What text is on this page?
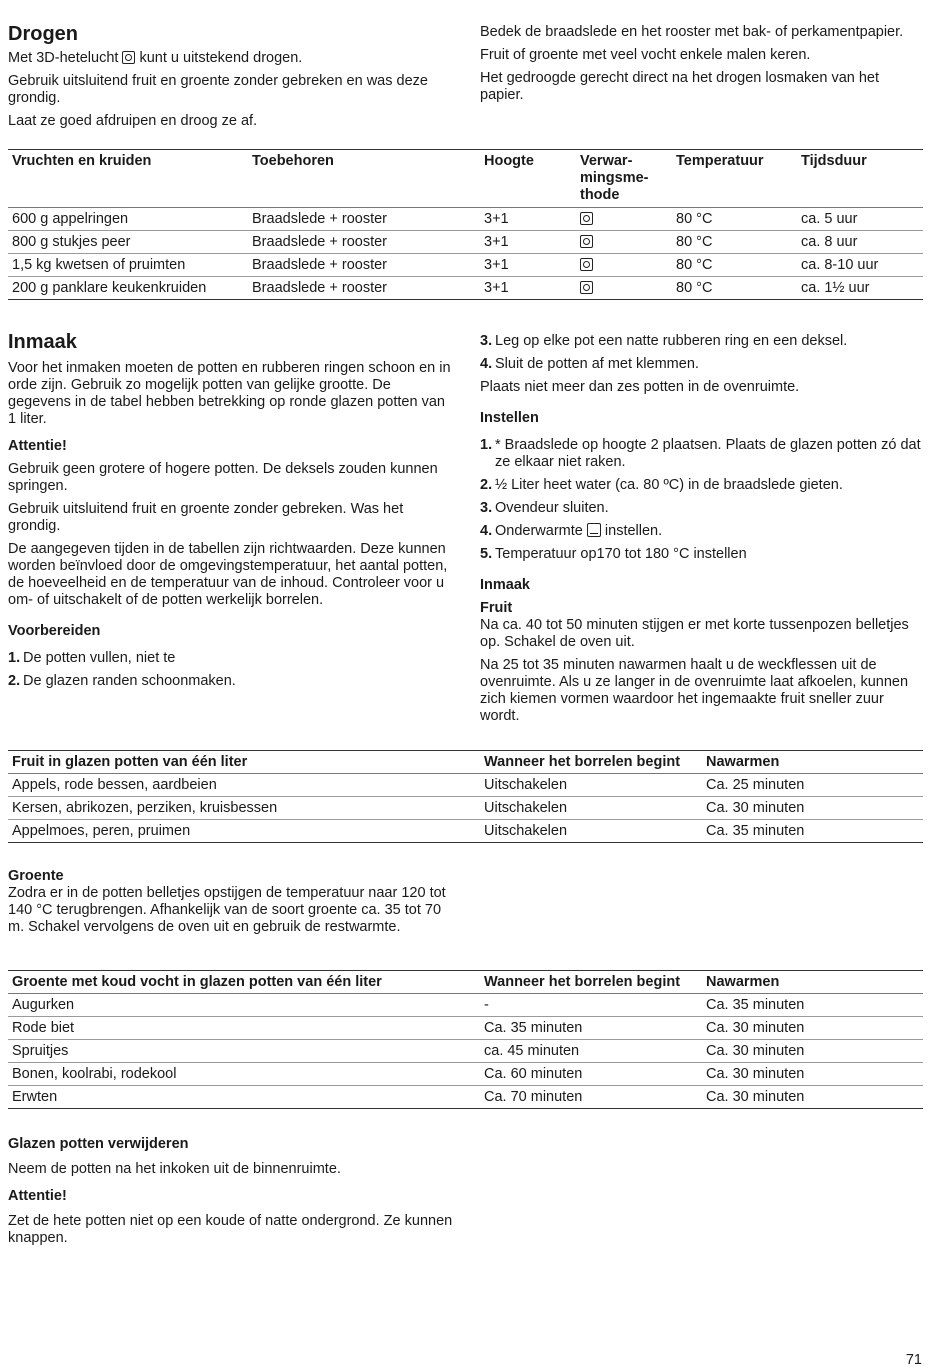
Drogen

Met 3D-hetelucht kunt u uitstekend drogen.

Gebruik uitsluitend fruit en groente zonder gebreken en was deze grondig.

Laat ze goed afdruipen en droog ze af.

Bedek de braadslede en het rooster met bak- of perkamentpapier.

Fruit of groente met veel vocht enkele malen keren.

Het gedroogde gerecht direct na het drogen losmaken van het papier.

Vruchten en kruiden	Toebehoren	Hoogte	Verwar-
mingsme-
thode	Temperatuur	Tijdsduur
600 g appelringen	Braadslede + rooster	3+1		80 °C	ca. 5 uur
800 g stukjes peer	Braadslede + rooster	3+1		80 °C	ca. 8 uur
1,5 kg kwetsen of pruimten	Braadslede + rooster	3+1		80 °C	ca. 8-10 uur
200 g panklare keukenkruiden	Braadslede + rooster	3+1		80 °C	ca. 1½ uur
Inmaak

Voor het inmaken moeten de potten en rubberen ringen schoon en in orde zijn. Gebruik zo mogelijk potten van gelijke grootte. De gegevens in de tabel hebben betrekking op ronde glazen potten van 1 liter.

Attentie!

Gebruik geen grotere of hogere potten. De deksels zouden kunnen springen.

Gebruik uitsluitend fruit en groente zonder gebreken. Was het grondig.

De aangegeven tijden in de tabellen zijn richtwaarden. Deze kunnen worden beïnvloed door de omgevingstemperatuur, het aantal potten, de hoeveelheid en de temperatuur van de inhoud. Controleer voor u om- of uitschakelt of de potten werkelijk borrelen.

Voorbereiden
1. De potten vullen, niet te
2. De glazen randen schoonmaken.
3. Leg op elke pot een natte rubberen ring en een deksel.
4. Sluit de potten af met klemmen.

Plaats niet meer dan zes potten in de ovenruimte.

Instellen
1. * Braadslede op hoogte 2 plaatsen. Plaats de glazen potten zó dat ze elkaar niet raken.
2. ½ Liter heet water (ca. 80 ºC) in de braadslede gieten.
3. Ovendeur sluiten.
4. Onderwarmte instellen.
5. Temperatuur op170 tot 180 °C instellen
Inmaak
Fruit

Na ca. 40 tot 50 minuten stijgen er met korte tussenpozen belletjes op. Schakel de oven uit.

Na 25 tot 35 minuten nawarmen haalt u de weckflessen uit de ovenruimte. Als u ze langer in de ovenruimte laat afkoelen, kunnen zich kiemen vormen waardoor het ingemaakte fruit sneller zuur wordt.

Fruit in glazen potten van één liter	Wanneer het borrelen begint	Nawarmen
Appels, rode bessen, aardbeien	Uitschakelen	Ca. 25 minuten
Kersen, abrikozen, perziken, kruisbessen	Uitschakelen	Ca. 30 minuten
Appelmoes, peren, pruimen	Uitschakelen	Ca. 35 minuten
Groente

Zodra er in de potten belletjes opstijgen de temperatuur naar 120 tot 140 °C terugbrengen. Afhankelijk van de soort groente ca. 35 tot 70 m. Schakel vervolgens de oven uit en gebruik de restwarmte.

Groente met koud vocht in glazen potten van één liter	Wanneer het borrelen begint	Nawarmen
Augurken	-	Ca. 35 minuten
Rode biet	Ca. 35 minuten	Ca. 30 minuten
Spruitjes	ca. 45 minuten	Ca. 30 minuten
Bonen, koolrabi, rodekool	Ca. 60 minuten	Ca. 30 minuten
Erwten	Ca. 70 minuten	Ca. 30 minuten
Glazen potten verwijderen

Neem de potten na het inkoken uit de binnenruimte.

Attentie!

Zet de hete potten niet op een koude of natte ondergrond. Ze kunnen knappen.

71
